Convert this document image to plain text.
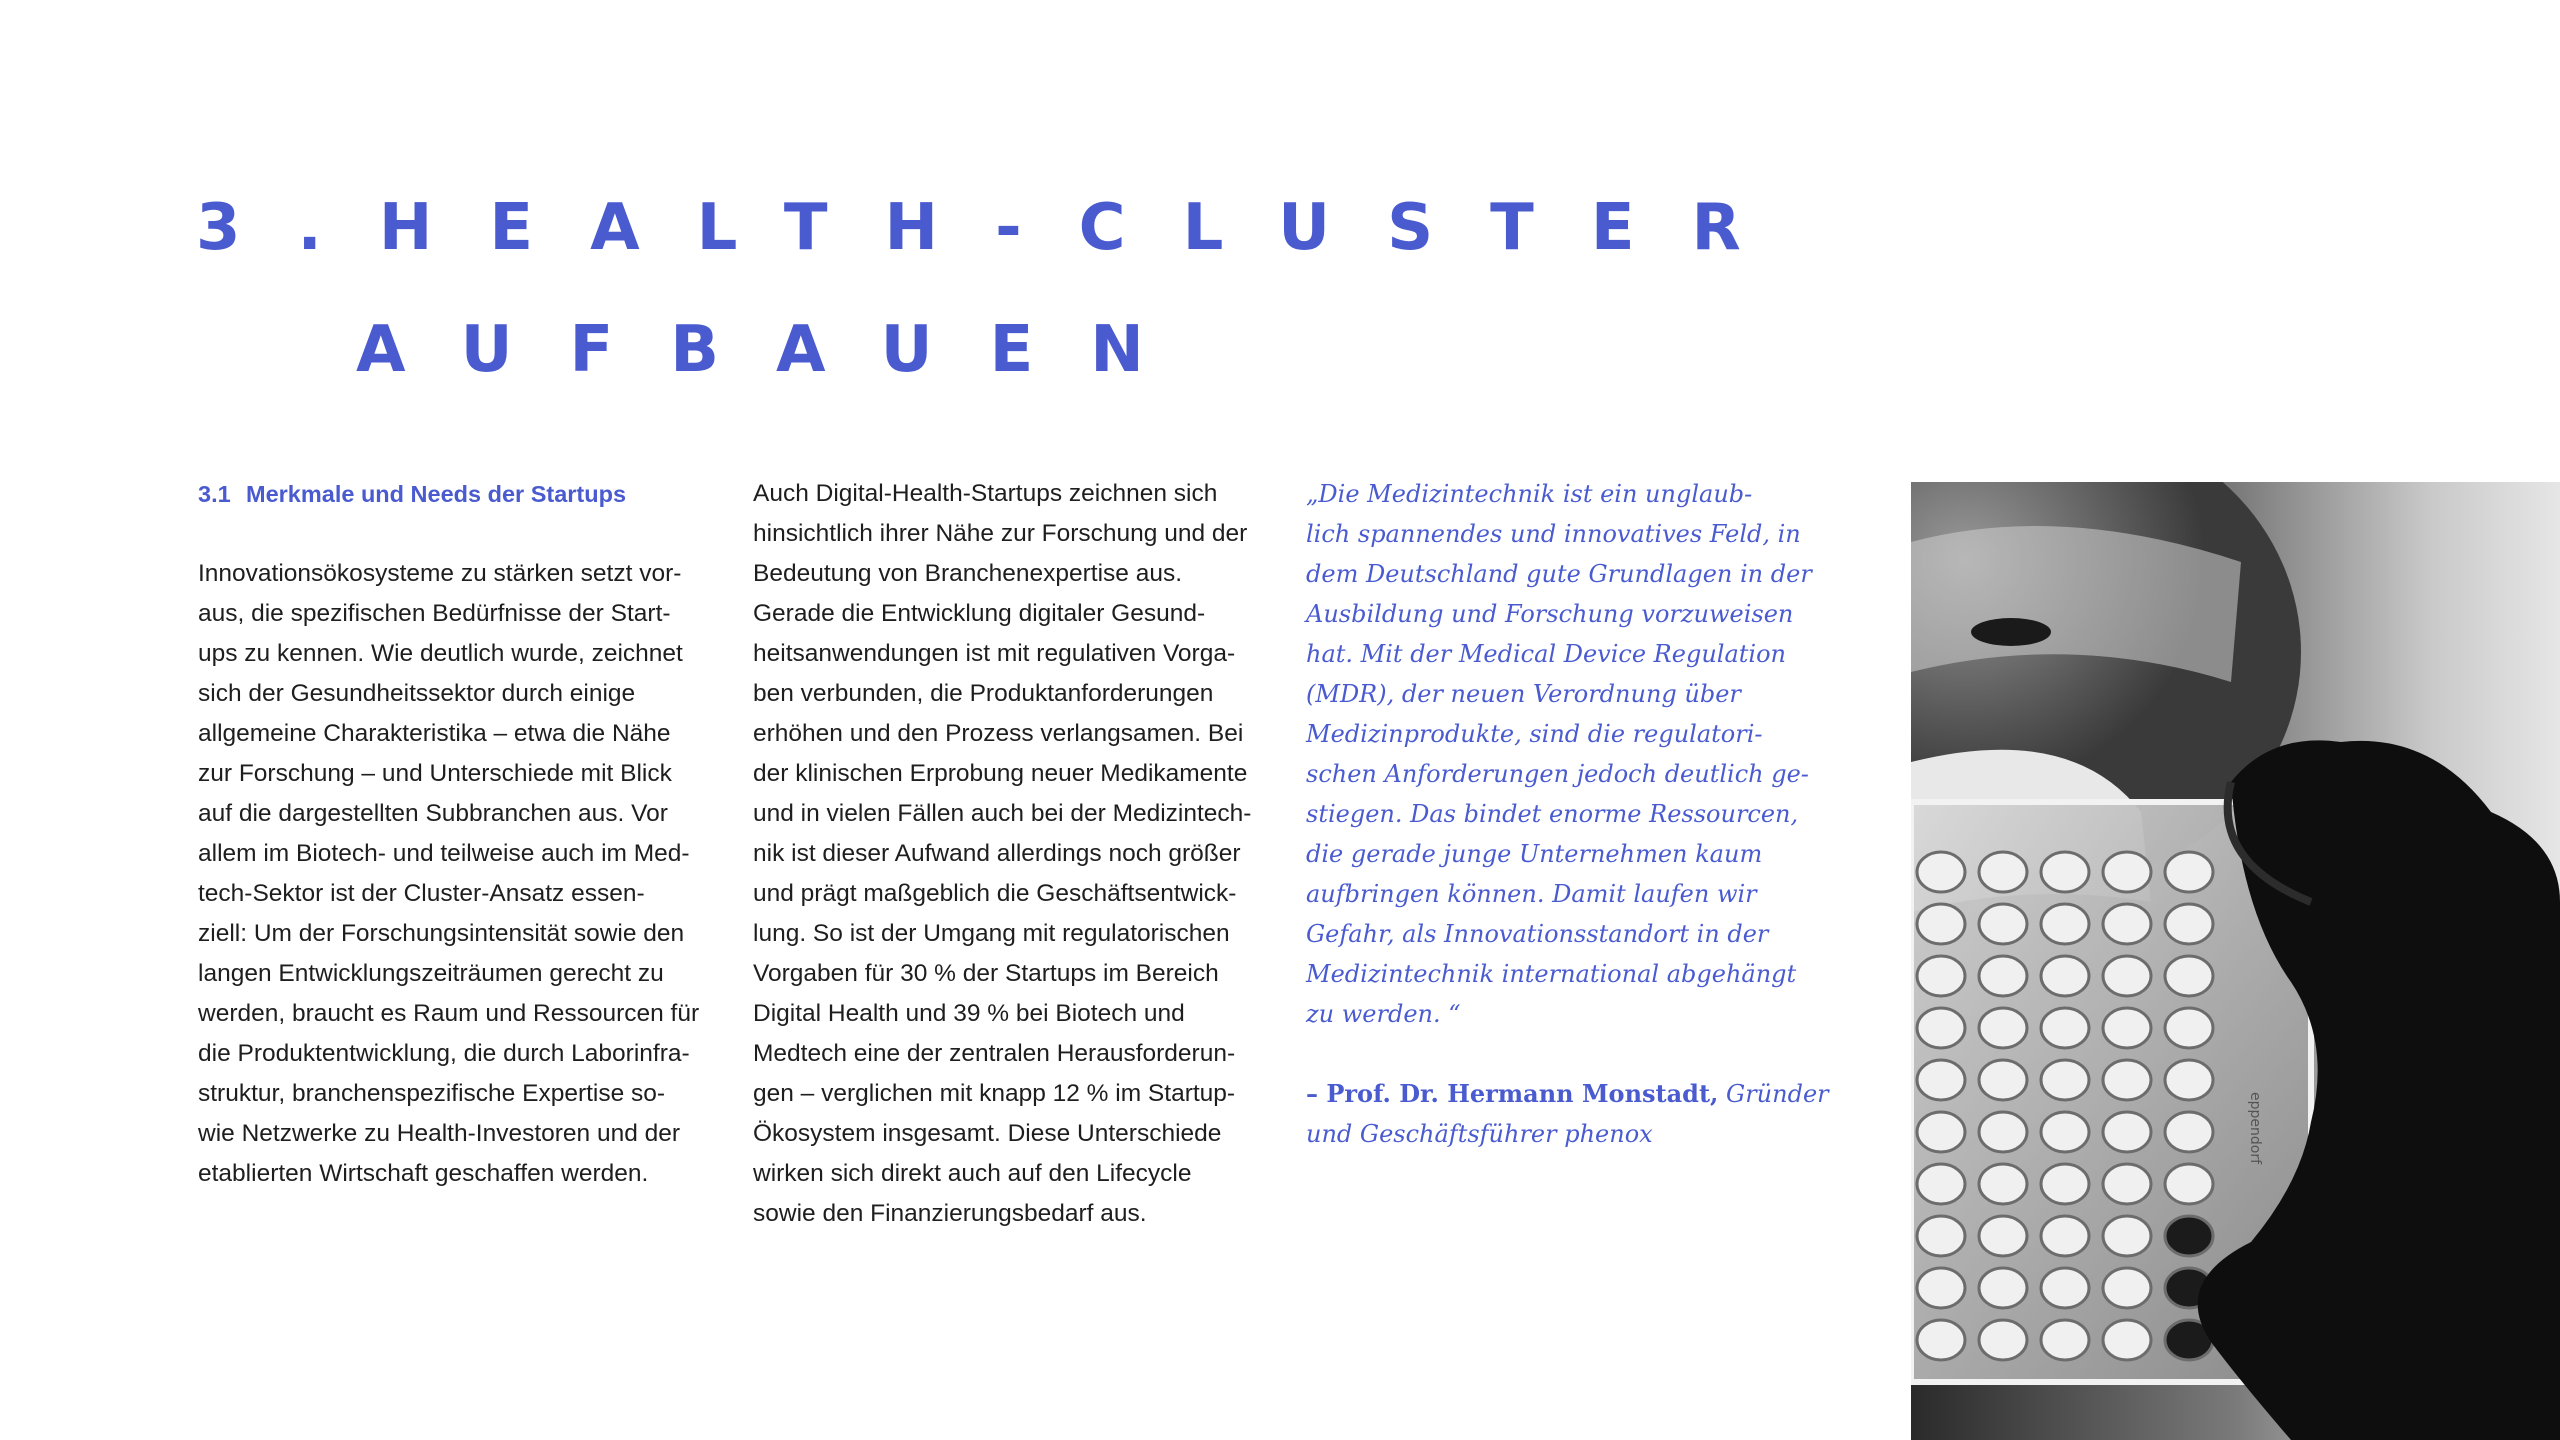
3.HEALTH-CLUSTER
AUFBAUEN
3.1 Merkmale und Needs der Startups

Innovationsökosysteme zu stärken setzt vor-

aus, die spezifischen Bedürfnisse der Start-

ups zu kennen. Wie deutlich wurde, zeichnet

sich der Gesundheitssektor durch einige

allgemeine Charakteristika – etwa die Nähe

zur Forschung – und Unterschiede mit Blick

auf die dargestellten Subbranchen aus. Vor

allem im Biotech- und teilweise auch im Med-

tech-Sektor ist der Cluster-Ansatz essen-

ziell: Um der Forschungsintensität sowie den

langen Entwicklungszeiträumen gerecht zu

werden, braucht es Raum und Ressourcen für

die Produktentwicklung, die durch Laborinfra-

struktur, branchenspezifische Expertise so-

wie Netzwerke zu Health-Investoren und der

etablierten Wirtschaft geschaffen werden.

Auch Digital-Health-Startups zeichnen sich

hinsichtlich ihrer Nähe zur Forschung und der

Bedeutung von Branchenexpertise aus.

Gerade die Entwicklung digitaler Gesund-

heitsanwendungen ist mit regulativen Vorga-

ben verbunden, die Produktanforderungen

erhöhen und den Prozess verlangsamen. Bei

der klinischen Erprobung neuer Medikamente

und in vielen Fällen auch bei der Medizintech-

nik ist dieser Aufwand allerdings noch größer

und prägt maßgeblich die Geschäftsentwick-

lung. So ist der Umgang mit regulatorischen

Vorgaben für 30 % der Startups im Bereich

Digital Health und 39 % bei Biotech und

Medtech eine der zentralen Herausforderun-

gen – verglichen mit knapp 12 % im Startup-

Ökosystem insgesamt. Diese Unterschiede

wirken sich direkt auch auf den Lifecycle

sowie den Finanzierungsbedarf aus.

„Die Medizintechnik ist ein unglaub-

lich spannendes und innovatives Feld, in

dem Deutschland gute Grundlagen in der

Ausbildung und Forschung vorzuweisen

hat. Mit der Medical Device Regulation

(MDR), der neuen Verordnung über

Medizinprodukte, sind die regulatori-

schen Anforderungen jedoch deutlich ge-

stiegen. Das bindet enorme Ressourcen,

die gerade junge Unternehmen kaum

aufbringen können. Damit laufen wir

Gefahr, als Innovationsstandort in der

Medizintechnik international abgehängt

zu werden. “

– Prof. Dr. Hermann Monstadt, Gründer

und Geschäftsführer phenox	eppendorf
